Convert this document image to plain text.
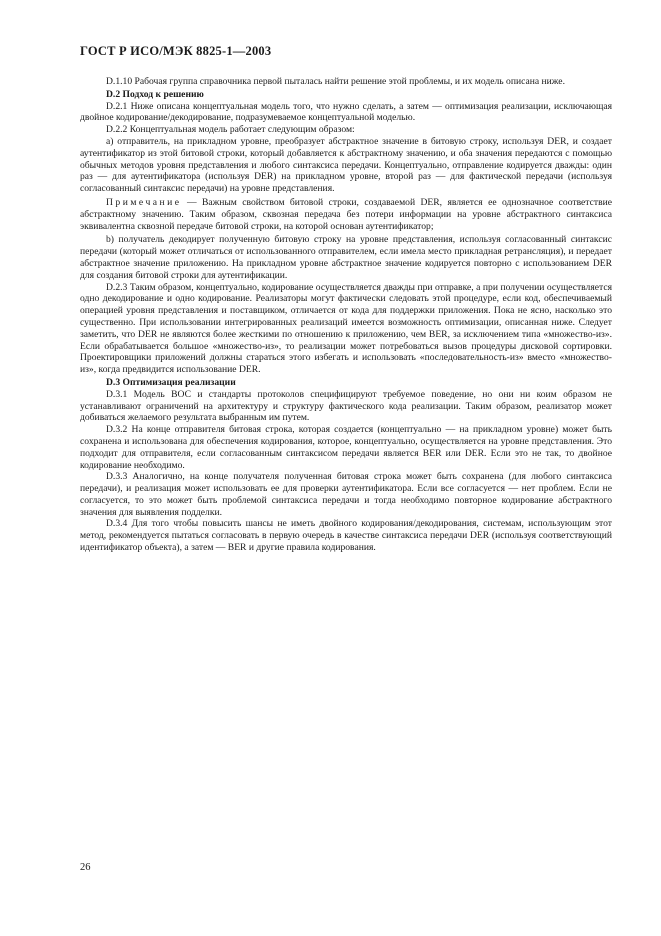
ГОСТ Р ИСО/МЭК 8825-1—2003

D.1.10 Рабочая группа справочника первой пыталась найти решение этой проблемы, и их модель описана ниже.

D.2 Подход к решению

D.2.1 Ниже описана концептуальная модель того, что нужно сделать, а затем — оптимизация реализации, исключающая двойное кодирование/декодирование, подразумеваемое концептуальной моделью.

D.2.2 Концептуальная модель работает следующим образом:

a) отправитель, на прикладном уровне, преобразует абстрактное значение в битовую строку, используя DER, и создает аутентификатор из этой битовой строки, который добавляется к абстрактному значению, и оба значения передаются с помощью обычных методов уровня представления и любого синтаксиса передачи. Концептуально, отправление кодируется дважды: один раз — для аутентификатора (используя DER) на прикладном уровне, второй раз — для фактической передачи (используя согласованный синтаксис передачи) на уровне представления.

Примечание — Важным свойством битовой строки, создаваемой DER, является ее однозначное соответствие абстрактному значению. Таким образом, сквозная передача без потери информации на уровне абстрактного синтаксиса эквивалентна сквозной передаче битовой строки, на которой основан аутентификатор;

b) получатель декодирует полученную битовую строку на уровне представления, используя согласованный синтаксис передачи (который может отличаться от использованного отправителем, если имела место прикладная ретрансляция), и передает абстрактное значение приложению. На прикладном уровне абстрактное значение кодируется повторно с использованием DER для создания битовой строки для аутентификации.

D.2.3 Таким образом, концептуально, кодирование осуществляется дважды при отправке, а при получении осуществляется одно декодирование и одно кодирование. Реализаторы могут фактически следовать этой процедуре, если код, обеспечиваемый операцией уровня представления и поставщиком, отличается от кода для поддержки приложения. Пока не ясно, насколько это существенно. При использовании интегрированных реализаций имеется возможность оптимизации, описанная ниже. Следует заметить, что DER не являются более жесткими по отношению к приложению, чем BER, за исключением типа «множество-из». Если обрабатывается большое «множество-из», то реализации может потребоваться вызов процедуры дисковой сортировки. Проектировщики приложений должны стараться этого избегать и использовать «последовательность-из» вместо «множество-из», когда предвидится использование DER.

D.3 Оптимизация реализации

D.3.1 Модель ВОС и стандарты протоколов специфицируют требуемое поведение, но они ни коим образом не устанавливают ограничений на архитектуру и структуру фактического кода реализации. Таким образом, реализатор может добиваться желаемого результата выбранным им путем.

D.3.2 На конце отправителя битовая строка, которая создается (концептуально — на прикладном уровне) может быть сохранена и использована для обеспечения кодирования, которое, концептуально, осуществляется на уровне представления. Это подходит для отправителя, если согласованным синтаксисом передачи является BER или DER. Если это не так, то двойное кодирование необходимо.

D.3.3 Аналогично, на конце получателя полученная битовая строка может быть сохранена (для любого синтаксиса передачи), и реализация может использовать ее для проверки аутентификатора. Если все согласуется — нет проблем. Если не согласуется, то это может быть проблемой синтаксиса передачи и тогда необходимо повторное кодирование абстрактного значения для выявления подделки.

D.3.4 Для того чтобы повысить шансы не иметь двойного кодирования/декодирования, системам, использующим этот метод, рекомендуется пытаться согласовать в первую очередь в качестве синтаксиса передачи DER (используя соответствующий идентификатор объекта), а затем — BER и другие правила кодирования.

26
